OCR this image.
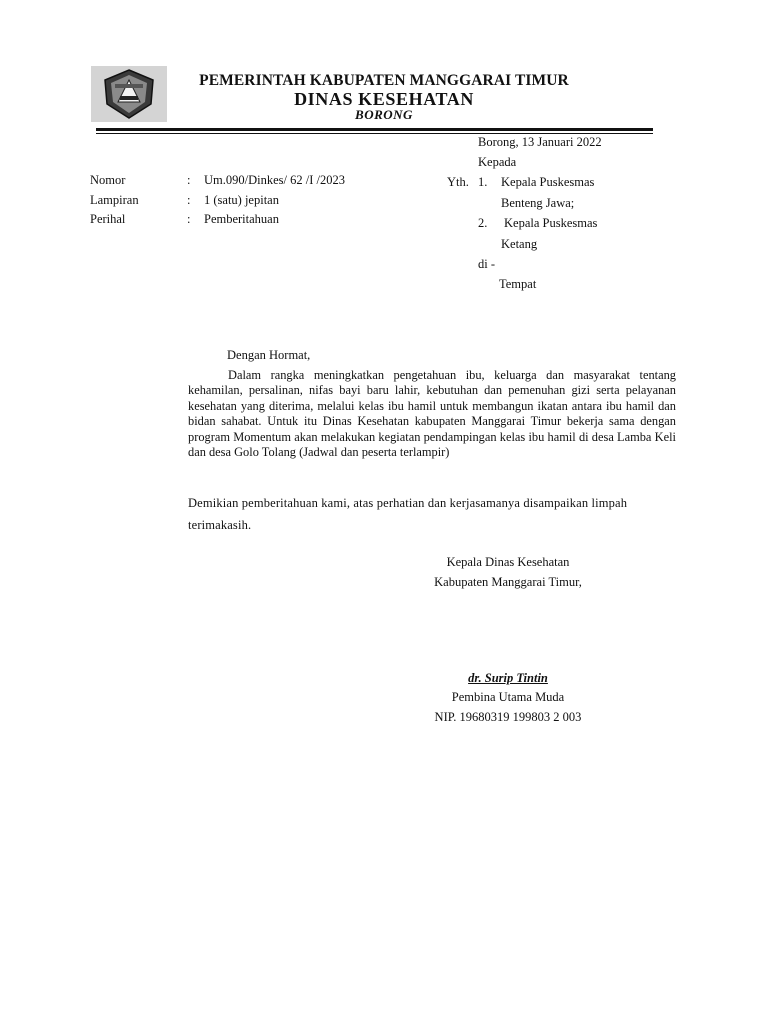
PEMERINTAH KABUPATEN MANGGARAI TIMUR
DINAS KESEHATAN
BORONG
Borong, 13 Januari 2022
Kepada
Yth. 1. Kepala Puskesmas
Benteng Jawa;
2. Kepala Puskesmas
Ketang
di -
Tempat
Nomor	: Um.090/Dinkes/ 62 /I /2023
Lampiran	: 1 (satu) jepitan
Perihal	: Pemberitahuan
Dengan Hormat,
Dalam rangka meningkatkan pengetahuan ibu, keluarga dan masyarakat tentang kehamilan, persalinan, nifas bayi baru lahir, kebutuhan dan pemenuhan gizi serta pelayanan kesehatan yang diterima, melalui kelas ibu hamil untuk membangun ikatan antara ibu hamil dan bidan sahabat. Untuk itu Dinas Kesehatan kabupaten Manggarai Timur bekerja sama dengan program Momentum akan melakukan kegiatan pendampingan kelas ibu hamil di desa Lamba Keli dan desa Golo Tolang (Jadwal dan peserta terlampir)
Demikian pemberitahuan kami, atas perhatian dan kerjasamanya disampaikan limpah terimakasih.
Kepala Dinas Kesehatan
Kabupaten Manggarai Timur,
dr. Surip Tintin
Pembina Utama Muda
NIP. 19680319 199803 2 003
